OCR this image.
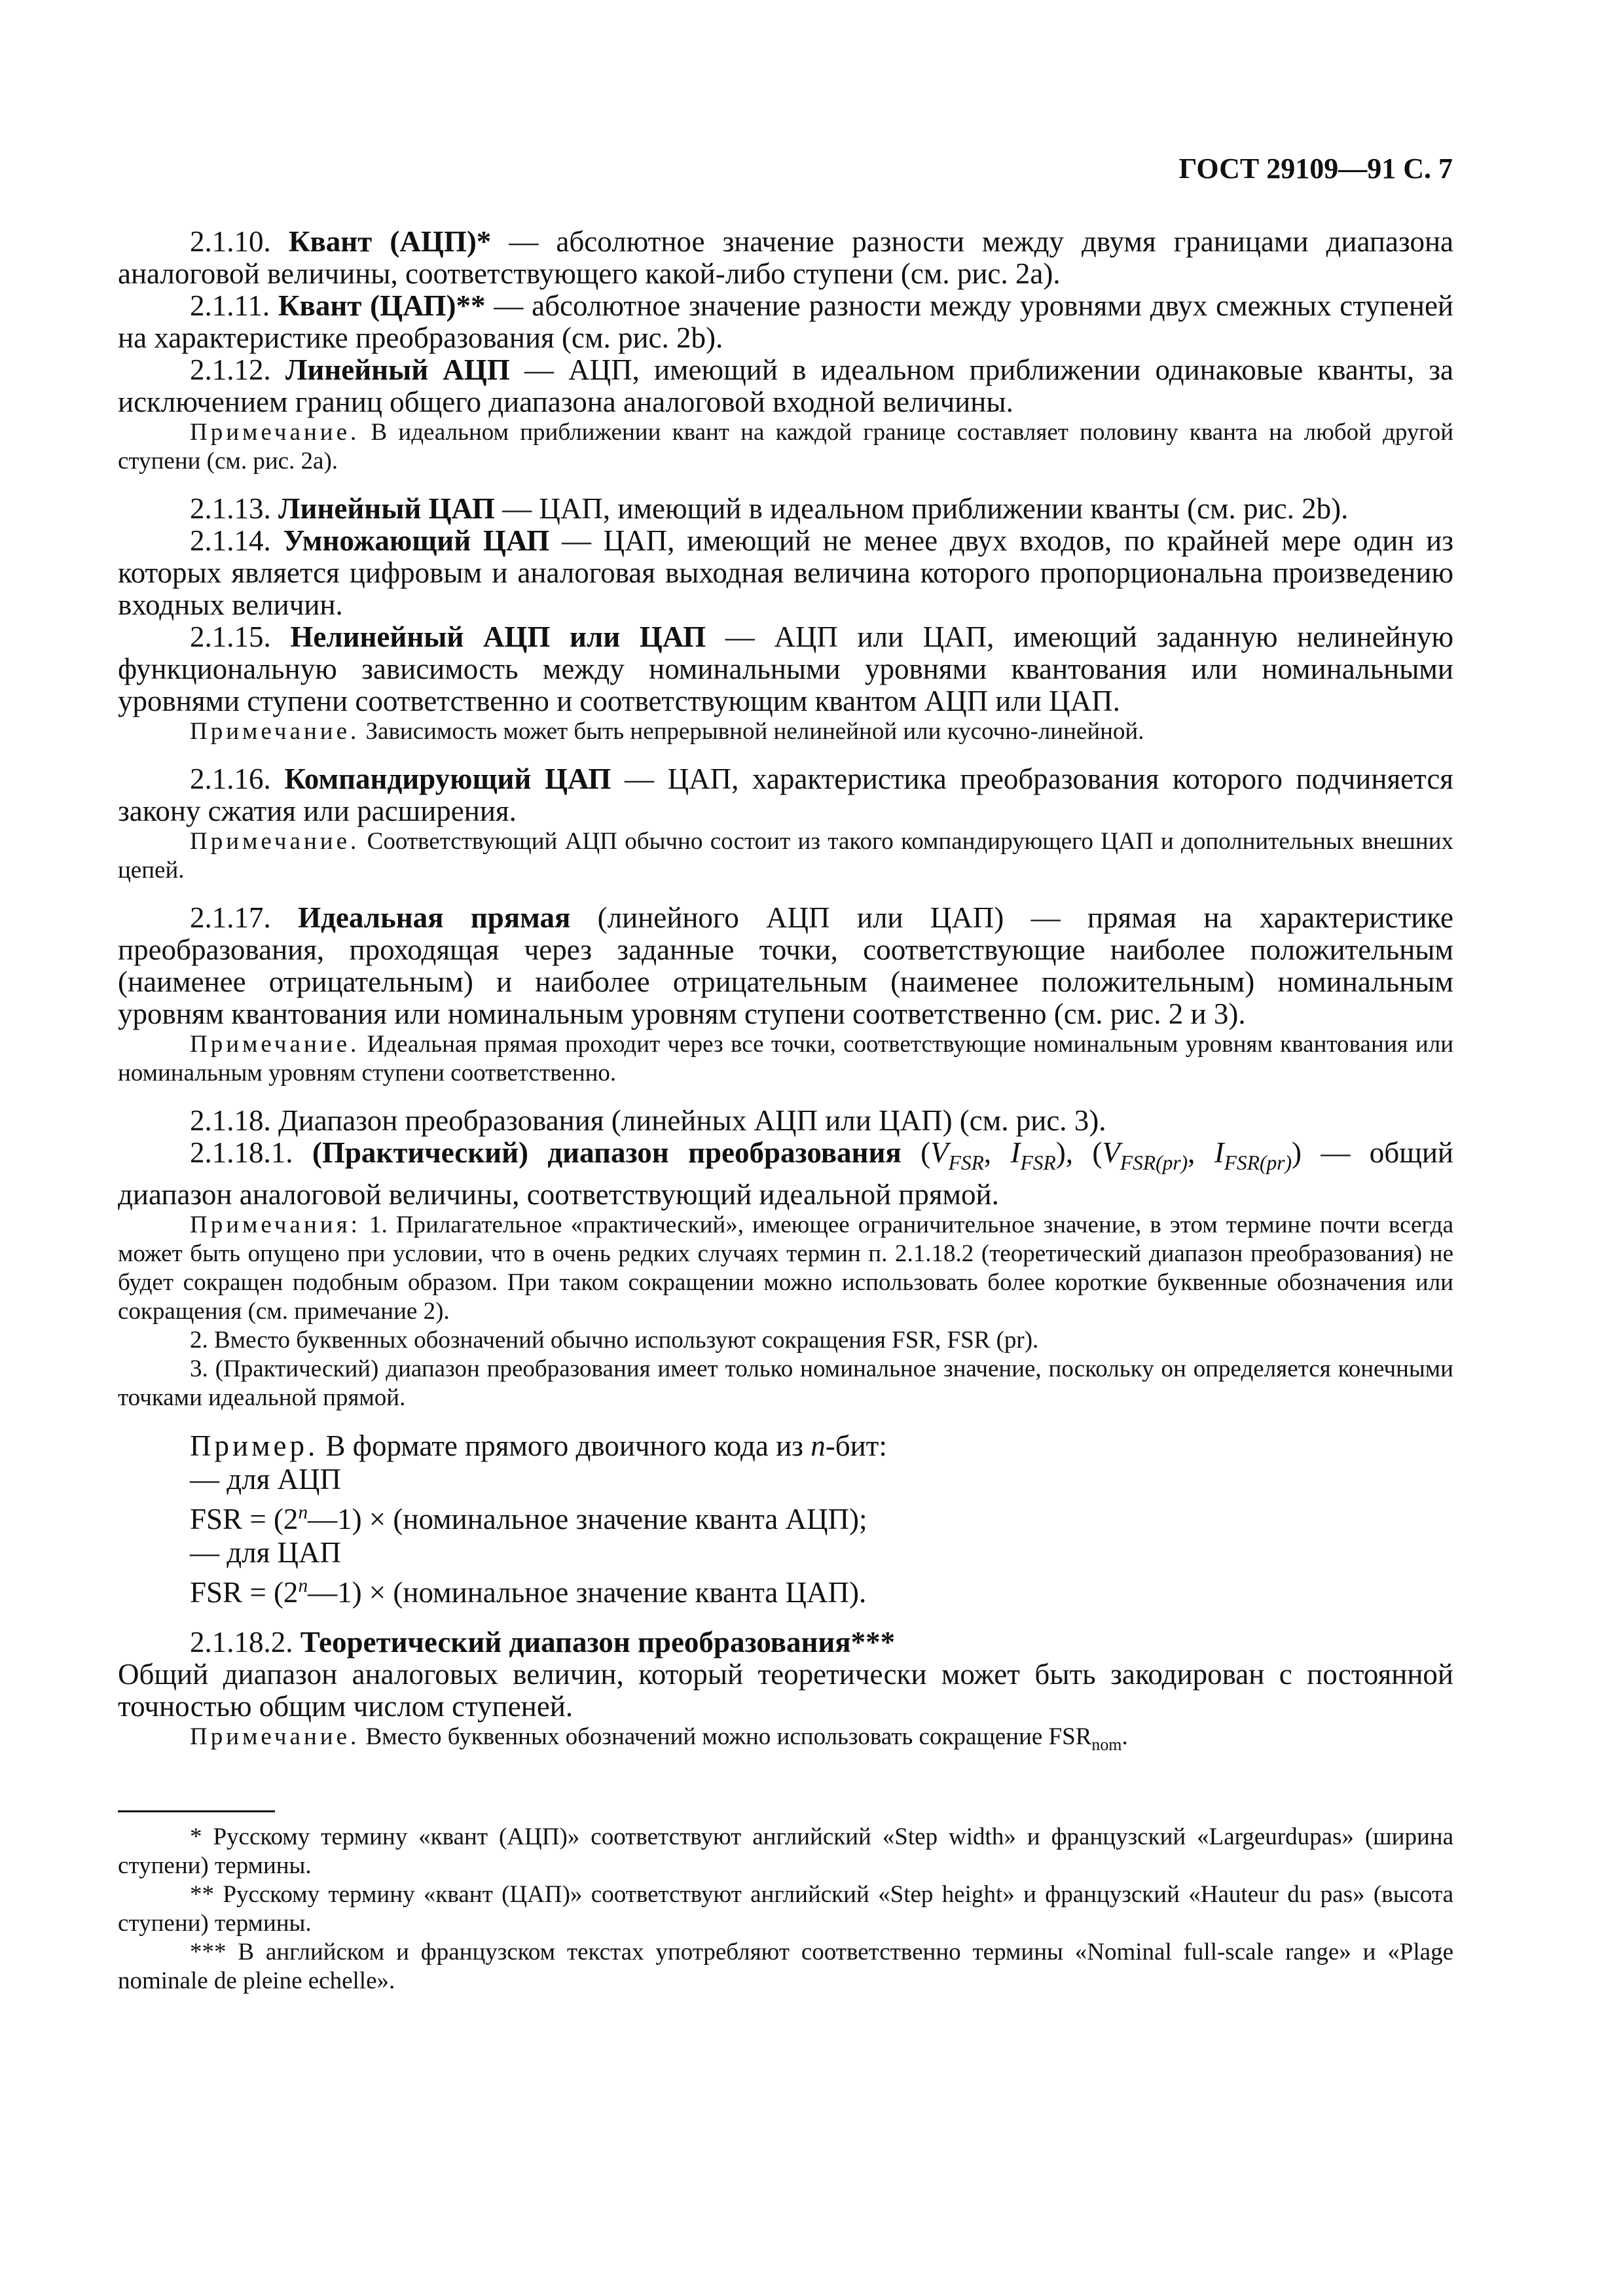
ГОСТ 29109—91 С. 7

2.1.10. Квант (АЦП)* — абсолютное значение разности между двумя границами диапазона аналоговой величины, соответствующего какой-либо ступени (см. рис. 2a).

2.1.11. Квант (ЦАП)** — абсолютное значение разности между уровнями двух смежных ступеней на характеристике преобразования (см. рис. 2b).

2.1.12. Линейный АЦП — АЦП, имеющий в идеальном приближении одинаковые кванты, за исключением границ общего диапазона аналоговой входной величины.

Примечание. В идеальном приближении квант на каждой границе составляет половину кванта на любой другой ступени (см. рис. 2a).

2.1.13. Линейный ЦАП — ЦАП, имеющий в идеальном приближении кванты (см. рис. 2b).

2.1.14. Умножающий ЦАП — ЦАП, имеющий не менее двух входов, по крайней мере один из которых является цифровым и аналоговая выходная величина которого пропорциональна произведению входных величин.

2.1.15. Нелинейный АЦП или ЦАП — АЦП или ЦАП, имеющий заданную нелинейную функциональную зависимость между номинальными уровнями квантования или номинальными уровнями ступени соответственно и соответствующим квантом АЦП или ЦАП.

Примечание. Зависимость может быть непрерывной нелинейной или кусочно-линейной.

2.1.16. Компандирующий ЦАП — ЦАП, характеристика преобразования которого подчиняется закону сжатия или расширения.

Примечание. Соответствующий АЦП обычно состоит из такого компандирующего ЦАП и дополнительных внешних цепей.

2.1.17. Идеальная прямая (линейного АЦП или ЦАП) — прямая на характеристике преобразования, проходящая через заданные точки, соответствующие наиболее положительным (наименее отрицательным) и наиболее отрицательным (наименее положительным) номинальным уровням квантования или номинальным уровням ступени соответственно (см. рис. 2 и 3).

Примечание. Идеальная прямая проходит через все точки, соответствующие номинальным уровням квантования или номинальным уровням ступени соответственно.

2.1.18. Диапазон преобразования (линейных АЦП или ЦАП) (см. рис. 3).

2.1.18.1. (Практический) диапазон преобразования ($V_{FSR}$, $I_{FSR}$), ($V_{FSR(pr)}$, $I_{FSR(pr)}$) — общий диапазон аналоговой величины, соответствующий идеальной прямой.

Примечания: 1. Прилагательное «практический», имеющее ограничительное значение, в этом термине почти всегда может быть опущено при условии, что в очень редких случаях термин п. 2.1.18.2 (теоретический диапазон преобразования) не будет сокращен подобным образом. При таком сокращении можно использовать более короткие буквенные обозначения или сокращения (см. примечание 2).

2. Вместо буквенных обозначений обычно используют сокращения FSR, FSR (pr).

3. (Практический) диапазон преобразования имеет только номинальное значение, поскольку он определяется конечными точками идеальной прямой.

Пример. В формате прямого двоичного кода из n-бит:

— для АЦП

FSR = $(2^n—1)$ × (номинальное значение кванта АЦП);

— для ЦАП

FSR = $(2^n—1)$ × (номинальное значение кванта ЦАП).

2.1.18.2. Теоретический диапазон преобразования***

Общий диапазон аналоговых величин, который теоретически может быть закодирован с постоянной точностью общим числом ступеней.

Примечание. Вместо буквенных обозначений можно использовать сокращение $FSR_{nom}$.

* Русскому термину «квант (АЦП)» соответствуют английский «Step width» и французский «Largeurdupas» (ширина ступени) термины.

** Русскому термину «квант (ЦАП)» соответствуют английский «Step height» и французский «Hauteur du pas» (высота ступени) термины.

*** В английском и французском текстах употребляют соответственно термины «Nominal full-scale range» и «Plage nominale de pleine echelle».
